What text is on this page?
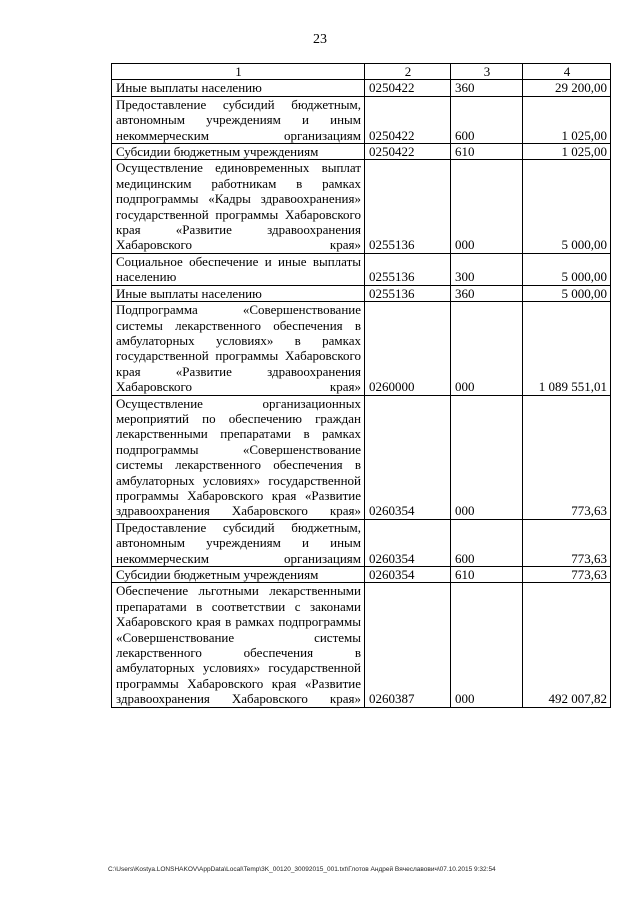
23
1	2	3	4
Иные выплаты населению	0250422	360	29 200,00
Предоставление субсидий бюджетным, автономным учреждениям и иным некоммерческим организациям	0250422	600	1 025,00
Субсидии бюджетным учреждениям	0250422	610	1 025,00
Осуществление единовременных выплат медицинским работникам в рамках подпрограммы «Кадры здравоохранения» государственной программы Хабаровского края «Развитие здравоохранения Хабаровского края»	0255136	000	5 000,00
Социальное обеспечение и иные выплаты населению	0255136	300	5 000,00
Иные выплаты населению	0255136	360	5 000,00
Подпрограмма «Совершенствование системы лекарственного обеспечения в амбулаторных условиях» в рамках государственной программы Хабаровского края «Развитие здравоохранения Хабаровского края»	0260000	000	1 089 551,01
Осуществление организационных мероприятий по обеспечению граждан лекарственными препаратами в рамках подпрограммы «Совершенствование системы лекарственного обеспечения в амбулаторных условиях» государственной программы Хабаровского края «Развитие здравоохранения Хабаровского края»	0260354	000	773,63
Предоставление субсидий бюджетным, автономным учреждениям и иным некоммерческим организациям	0260354	600	773,63
Субсидии бюджетным учреждениям	0260354	610	773,63
Обеспечение льготными лекарственными препаратами в соответствии с законами Хабаровского края в рамках подпрограммы «Совершенствование системы лекарственного обеспечения в амбулаторных условиях» государственной программы Хабаровского края «Развитие здравоохранения Хабаровского края»	0260387	000	492 007,82
C:\Users\Kostya.LONSHAKOV\AppData\Local\Temp\3K_00120_30092015_001.txt\Глотов Андрей Вячеславович\07.10.2015 9:32:54
